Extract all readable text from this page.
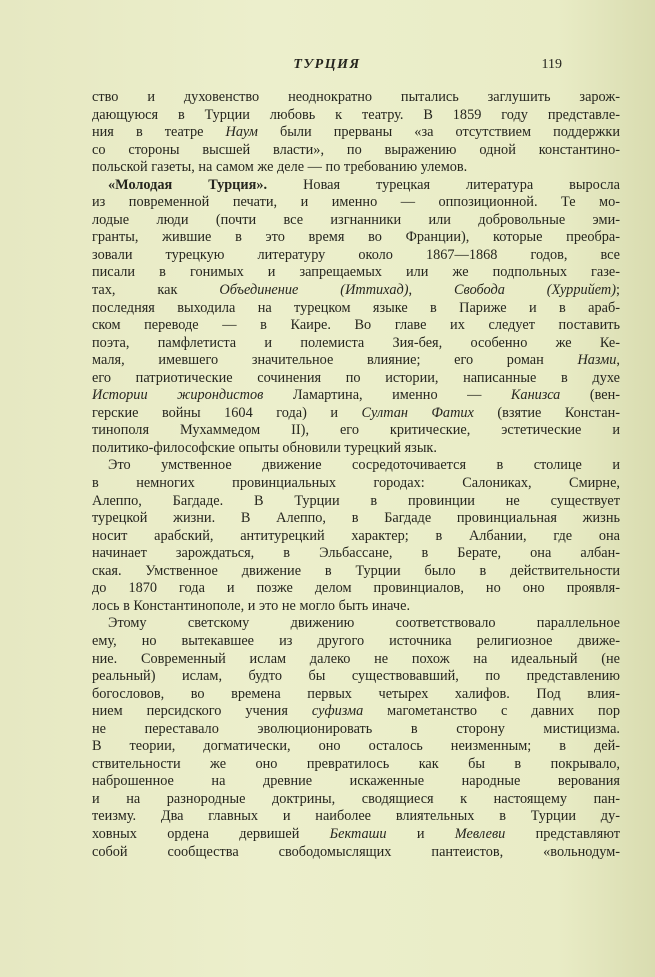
ТУРЦИЯ	119
ство и духовенство неоднократно пытались заглушить зарож-
дающуюся в Турции любовь к театру. В 1859 году представле-
ния в театре Наум были прерваны «за отсутствием поддержки
со стороны высшей власти», по выражению одной константино-
польской газеты, на самом же деле — по требованию улемов.
«Молодая Турция». Новая турецкая литература выросла
из повременной печати, и именно — оппозиционной. Те мо-
лодые люди (почти все изгнанники или добровольные эми-
гранты, жившие в это время во Франции), которые преобра-
зовали турецкую литературу около 1867—1868 годов, все
писали в гонимых и запрещаемых или же подпольных газе-
тах, как Объединение (Иттихад), Свобода (Хуррийет);
последняя выходила на турецком языке в Париже и в араб-
ском переводе — в Каире. Во главе их следует поставить
поэта, памфлетиста и полемиста Зия-бея, особенно же Ке-
маля, имевшего значительное влияние; его роман Назми,
его патриотические сочинения по истории, написанные в духе
Истории жирондистов Ламартина, именно — Канизса (вен-
герские войны 1604 года) и Султан Фатих (взятие Констан-
тинополя Мухаммедом II), его критические, эстетические и
политико-философские опыты обновили турецкий язык.
Это умственное движение сосредоточивается в столице и
в немногих провинциальных городах: Салониках, Смирне,
Алеппо, Багдаде. В Турции в провинции не существует
турецкой жизни. В Алеппо, в Багдаде провинциальная жизнь
носит арабский, антитурецкий характер; в Албании, где она
начинает зарождаться, в Эльбассане, в Берате, она албан-
ская. Умственное движение в Турции было в действительности
до 1870 года и позже делом провинциалов, но оно проявля-
лось в Константинополе, и это не могло быть иначе.
Этому светскому движению соответствовало параллельное
ему, но вытекавшее из другого источника религиозное движе-
ние. Современный ислам далеко не похож на идеальный (не
реальный) ислам, будто бы существовавший, по представлению
богословов, во времена первых четырех халифов. Под влия-
нием персидского учения суфизма магометанство с давних пор
не переставало эволюционировать в сторону мистицизма.
В теории, догматически, оно осталось неизменным; в дей-
ствительности же оно превратилось как бы в покрывало,
наброшенное на древние искаженные народные верования
и на разнородные доктрины, сводящиеся к настоящему пан-
теизму. Два главных и наиболее влиятельных в Турции ду-
ховных ордена дервишей Бекташи и Мевлеви представляют
собой сообщества свободомыслящих пантеистов, «вольнодум-
